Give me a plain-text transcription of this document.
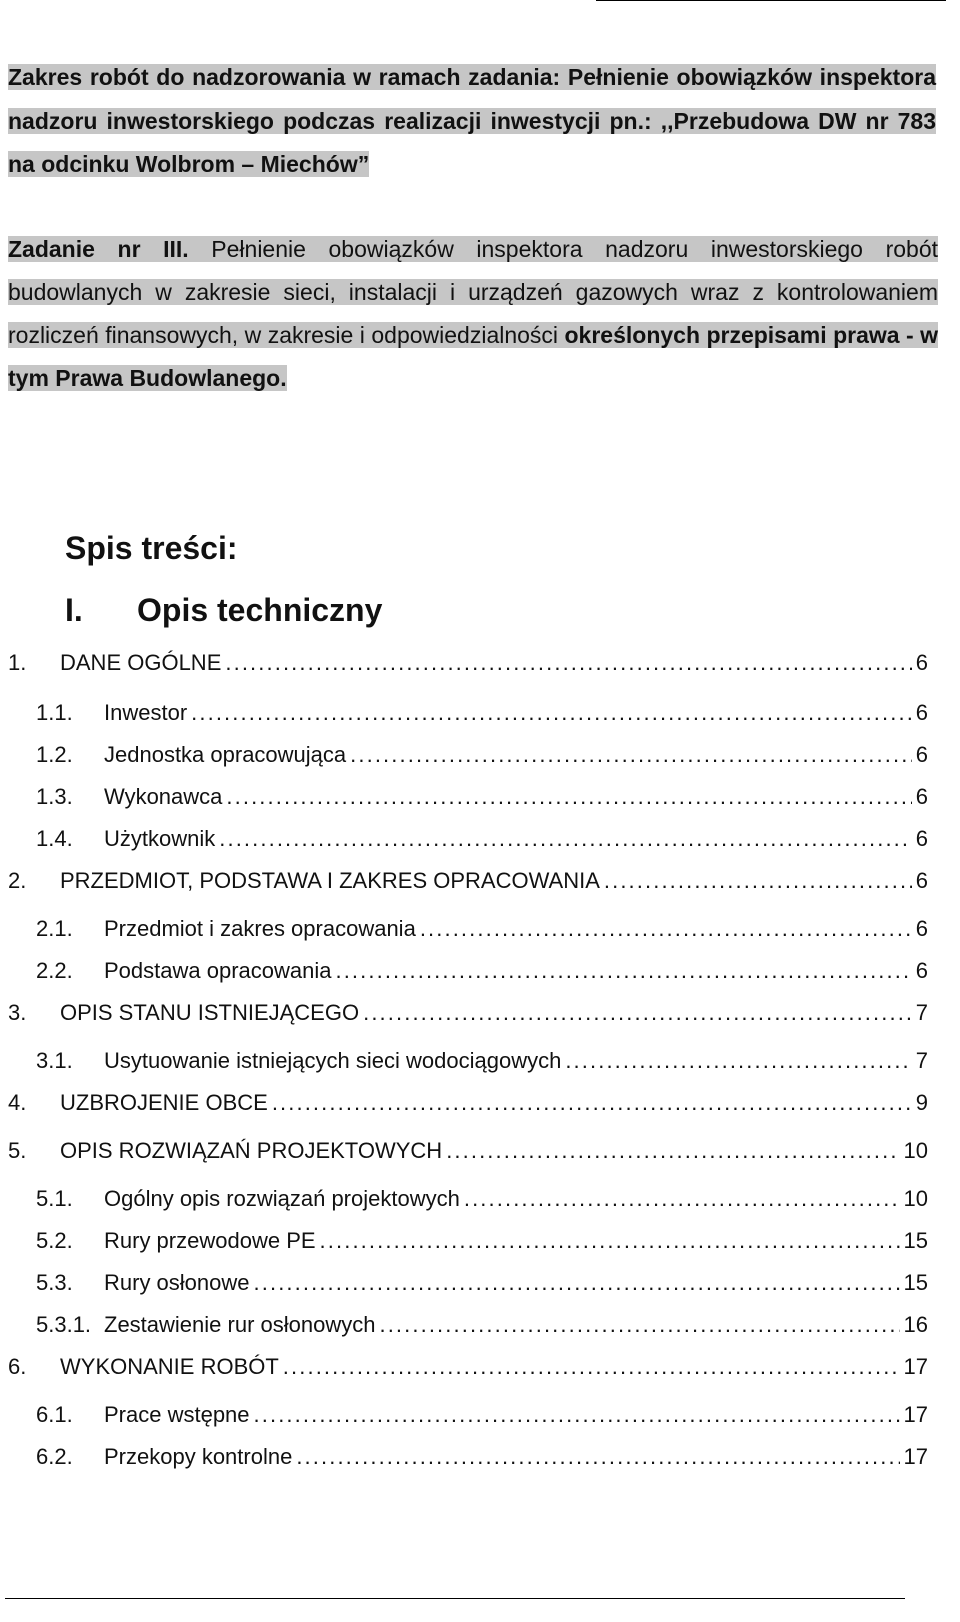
Zakres robót do nadzorowania w ramach zadania: Pełnienie obowiązków inspektora nadzoru inwestorskiego podczas realizacji inwestycji pn.: ,,Przebudowa DW nr 783 na odcinku Wolbrom – Miechów”
Zadanie nr III. Pełnienie obowiązków inspektora nadzoru inwestorskiego robót budowlanych w zakresie sieci, instalacji i urządzeń gazowych wraz z kontrolowaniem rozliczeń finansowych, w zakresie i odpowiedzialności określonych przepisami prawa - w tym Prawa Budowlanego.
Spis treści:
I.	Opis techniczny
1.	DANE OGÓLNE . . .	6
1.1.	Inwestor . . .	6
1.2.	Jednostka opracowująca . . .	6
1.3.	Wykonawca . . .	6
1.4.	Użytkownik . . .	6
2.	PRZEDMIOT, PODSTAWA I ZAKRES OPRACOWANIA . . .	6
2.1.	Przedmiot i zakres opracowania . . .	6
2.2.	Podstawa opracowania . . .	6
3.	OPIS STANU ISTNIEJĄCEGO . . .	7
3.1.	Usytuowanie istniejących sieci wodociągowych . . .	7
4.	UZBROJENIE OBCE . . .	9
5.	OPIS ROZWIĄZAŃ PROJEKTOWYCH . . .	10
5.1.	Ogólny opis rozwiązań projektowych . . .	10
5.2.	Rury przewodowe PE . . .	15
5.3.	Rury osłonowe . . .	15
5.3.1. Zestawienie rur osłonowych . . .	16
6.	WYKONANIE ROBÓT . . .	17
6.1.	Prace wstępne . . .	17
6.2.	Przekopy kontrolne . . .	17
